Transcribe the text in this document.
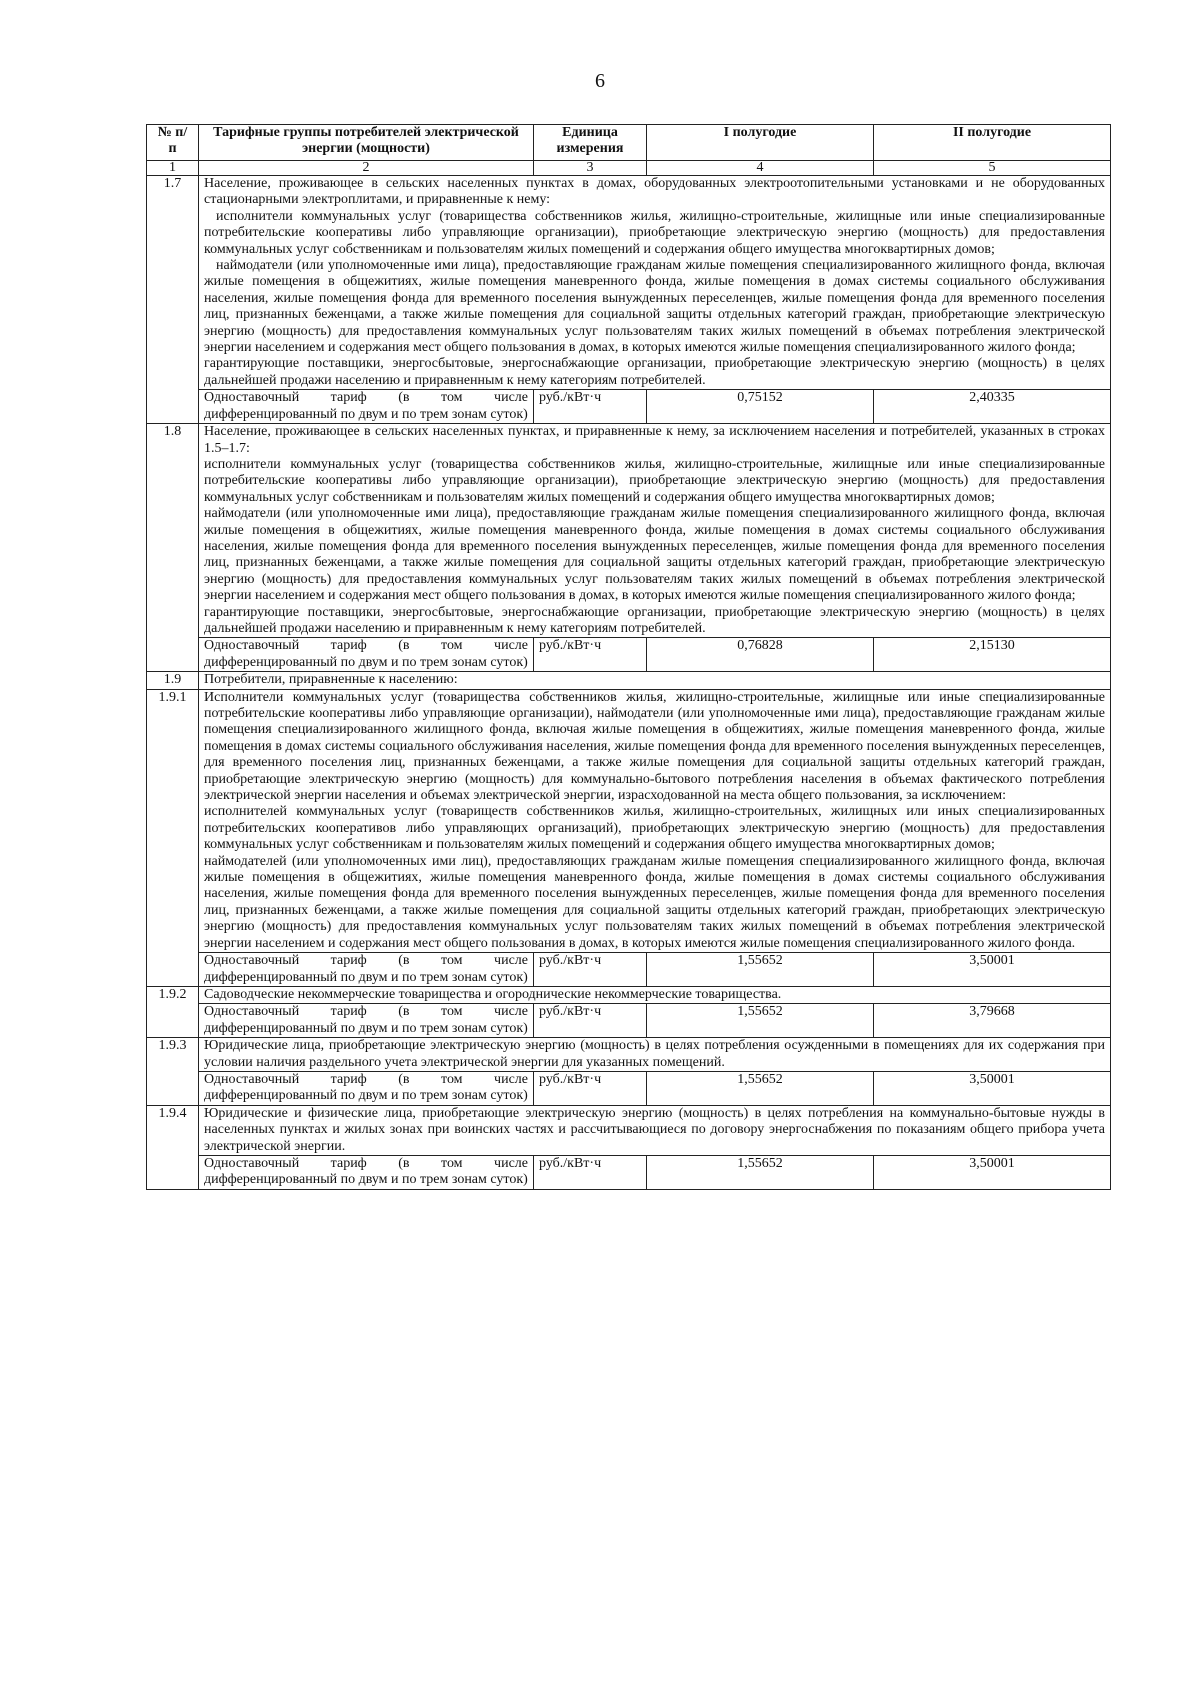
6
№ п/п	Тарифные группы потребителей электрической энергии (мощности)	Единица измерения	I полугодие	II полугодие
1	2	3	4	5
1.7	Население, проживающее в сельских населенных пунктах в домах, оборудованных электроотопительными установками и не оборудованных стационарными электроплитами, и приравненные к нему:
исполнители коммунальных услуг (товарищества собственников жилья, жилищно-строительные, жилищные или иные специализированные потребительские кооперативы либо управляющие организации), приобретающие электрическую энергию (мощность) для предоставления коммунальных услуг собственникам и пользователям жилых помещений и содержания общего имущества многоквартирных домов;
наймодатели (или уполномоченные ими лица), предоставляющие гражданам жилые помещения специализированного жилищного фонда, включая жилые помещения в общежитиях, жилые помещения маневренного фонда, жилые помещения в домах системы социального обслуживания населения, жилые помещения фонда для временного поселения вынужденных переселенцев, жилые помещения фонда для временного поселения лиц, признанных беженцами, а также жилые помещения для социальной защиты отдельных категорий граждан, приобретающие электрическую энергию (мощность) для предоставления коммунальных услуг пользователям таких жилых помещений в объемах потребления электрической энергии населением и содержания мест общего пользования в домах, в которых имеются жилые помещения специализированного жилого фонда;
гарантирующие поставщики, энергосбытовые, энергоснабжающие организации, приобретающие электрическую энергию (мощность) в целях дальнейшей продажи населению и приравненным к нему категориям потребителей.			

	Одноставочный тариф (в том числе дифференцированный по двум и по трем зонам суток)	руб./кВт·ч	0,75152	2,40335
1.8	Население, проживающее в сельских населенных пунктах, и приравненные к нему, за исключением населения и потребителей, указанных в строках 1.5–1.7:
исполнители коммунальных услуг (товарищества собственников жилья, жилищно-строительные, жилищные или иные специализированные потребительские кооперативы либо управляющие организации), приобретающие электрическую энергию (мощность) для предоставления коммунальных услуг собственникам и пользователям жилых помещений и содержания общего имущества многоквартирных домов;
наймодатели (или уполномоченные ими лица), предоставляющие гражданам жилые помещения специализированного жилищного фонда, включая жилые помещения в общежитиях, жилые помещения маневренного фонда, жилые помещения в домах системы социального обслуживания населения, жилые помещения фонда для временного поселения вынужденных переселенцев, жилые помещения фонда для временного поселения лиц, признанных беженцами, а также жилые помещения для социальной защиты отдельных категорий граждан, приобретающие электрическую энергию (мощность) для предоставления коммунальных услуг пользователям таких жилых помещений в объемах потребления электрической энергии населением и содержания мест общего пользования в домах, в которых имеются жилые помещения специализированного жилого фонда;
гарантирующие поставщики, энергосбытовые, энергоснабжающие организации, приобретающие электрическую энергию (мощность) в целях дальнейшей продажи населению и приравненным к нему категориям потребителей.			

	Одноставочный тариф (в том числе дифференцированный по двум и по трем зонам суток)	руб./кВт·ч	0,76828	2,15130
1.9	Потребители, приравненные к населению:			
1.9.1	Исполнители коммунальных услуг (товарищества собственников жилья, жилищно-строительные, жилищные или иные специализированные потребительские кооперативы либо управляющие организации), наймодатели (или уполномоченные ими лица), предоставляющие гражданам жилые помещения специализированного жилищного фонда, включая жилые помещения в общежитиях, жилые помещения маневренного фонда, жилые помещения в домах системы социального обслуживания населения, жилые помещения фонда для временного поселения вынужденных переселенцев, для временного поселения лиц, признанных беженцами, а также жилые помещения для социальной защиты отдельных категорий граждан, приобретающие электрическую энергию (мощность) для коммунально-бытового потребления населения в объемах фактического потребления электрической энергии населения и объемах электрической энергии, израсходованной на места общего пользования, за исключением:
исполнителей коммунальных услуг (товариществ собственников жилья, жилищно-строительных, жилищных или иных специализированных потребительских кооперативов либо управляющих организаций), приобретающих электрическую энергию (мощность) для предоставления коммунальных услуг собственникам и пользователям жилых помещений и содержания общего имущества многоквартирных домов;
наймодателей (или уполномоченных ими лиц), предоставляющих гражданам жилые помещения специализированного жилищного фонда, включая жилые помещения в общежитиях, жилые помещения маневренного фонда, жилые помещения в домах системы социального обслуживания населения, жилые помещения фонда для временного поселения вынужденных переселенцев, жилые помещения фонда для временного поселения лиц, признанных беженцами, а также жилые помещения для социальной защиты отдельных категорий граждан, приобретающих электрическую энергию (мощность) для предоставления коммунальных услуг пользователям таких жилых помещений в объемах потребления электрической энергии населением и содержания мест общего пользования в домах, в которых имеются жилые помещения специализированного жилого фонда.			

	Одноставочный тариф (в том числе дифференцированный по двум и по трем зонам суток)	руб./кВт·ч	1,55652	3,50001
1.9.2	Садоводческие некоммерческие товарищества и огороднические некоммерческие товарищества.			
	Одноставочный тариф (в том числе дифференцированный по двум и по трем зонам суток)	руб./кВт·ч	1,55652	3,79668
1.9.3	Юридические лица, приобретающие электрическую энергию (мощность) в целях потребления осужденными в помещениях для их содержания при условии наличия раздельного учета электрической энергии для указанных помещений.			
	Одноставочный тариф (в том числе дифференцированный по двум и по трем зонам суток)	руб./кВт·ч	1,55652	3,50001
1.9.4	Юридические и физические лица, приобретающие электрическую энергию (мощность) в целях потребления на коммунально-бытовые нужды в населенных пунктах и жилых зонах при воинских частях и рассчитывающиеся по договору энергоснабжения по показаниям общего прибора учета электрической энергии.			
	Одноставочный тариф (в том числе дифференцированный по двум и по трем зонам суток)	руб./кВт·ч	1,55652	3,50001
